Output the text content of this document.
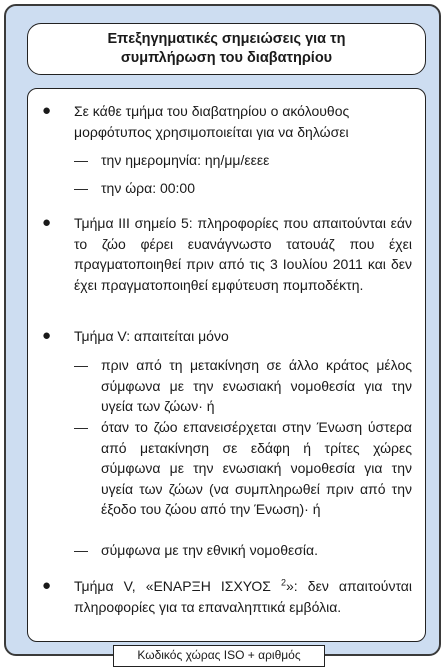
Επεξηγηματικές σημειώσεις για τη
συμπλήρωση του διαβατηρίου
● Σε κάθε τμήμα του διαβατηρίου ο ακόλουθος
μορφότυπος χρησιμοποιείται για να δηλώσει
— την ημερομηνία: ηη/μμ/εεεε
— την ώρα: 00:00
● Τμήμα III σημείο 5: πληροφορίες που απαιτούνται εάν το ζώο φέρει ευανάγνωστο τατουάζ που έχει πραγματοποιηθεί πριν από τις 3 Ιουλίου 2011 και δεν έχει πραγματοποιηθεί εμφύτευση πομποδέκτη.
● Τμήμα V: απαιτείται μόνο
— πριν από τη μετακίνηση σε άλλο κράτος μέλος σύμφωνα με την ενωσιακή νομοθεσία για την υγεία των ζώων· ή
— όταν το ζώο επανεισέρχεται στην Ένωση ύστερα από μετακίνηση σε εδάφη ή τρίτες χώρες σύμφωνα με την ενωσιακή νομοθεσία για την υγεία των ζώων (να συμπληρωθεί πριν από την έξοδο του ζώου από την Ένωση)· ή
— σύμφωνα με την εθνική νομοθεσία.
● Τμήμα V, «ΕΝΑΡΞΗ ΙΣΧΥΟΣ $^2$»: δεν απαιτούνται πληροφορίες για τα επαναληπτικά εμβόλια.
Κωδικός χώρας ISO + αριθμός
